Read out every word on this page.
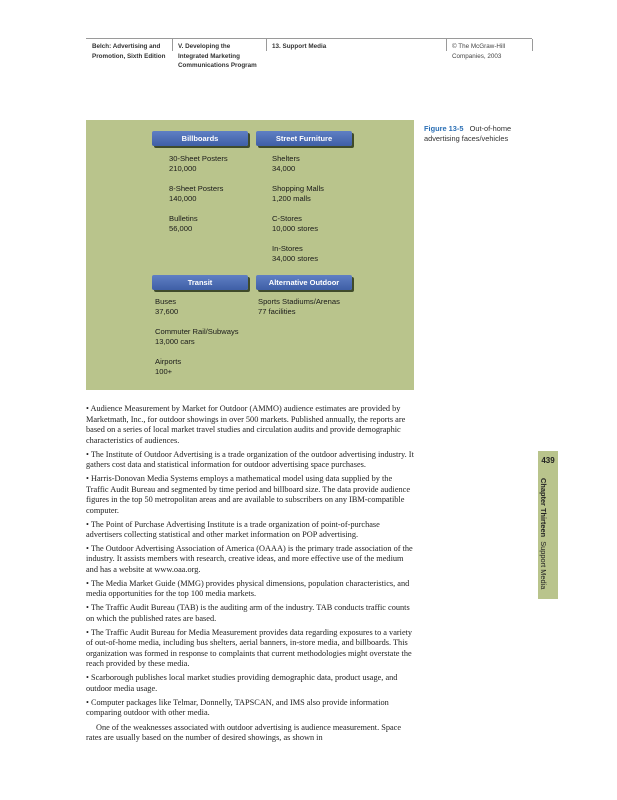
Belch: Advertising and
Promotion, Sixth Edition
V. Developing the
Integrated Marketing
Communications Program
13. Support Media	© The McGraw-Hill
Companies, 2003
Billboards	Street Furniture
30-Sheet Posters
210,000
8-Sheet Posters
140,000
Bulletins
56,000
Shelters
34,000
Shopping Malls
1,200 malls
C-Stores
10,000 stores
In-Stores
34,000 stores
Transit	Alternative Outdoor
Buses
37,600
Commuter Rail/Subways
13,000 cars
Airports
100+
Sports Stadiums/Arenas
77 facilities
Figure 13-5 Out-of-home advertising faces/vehicles
• Audience Measurement by Market for Outdoor (AMMO) audience estimates are provided by Marketmath, Inc., for outdoor showings in over 500 markets. Published annually, the reports are based on a series of local market travel studies and circulation audits and provide demographic characteristics of audiences.
• The Institute of Outdoor Advertising is a trade organization of the outdoor advertising industry. It gathers cost data and statistical information for outdoor advertising space purchases.
• Harris-Donovan Media Systems employs a mathematical model using data supplied by the Traffic Audit Bureau and segmented by time period and billboard size. The data provide audience figures in the top 50 metropolitan areas and are available to subscribers on any IBM-compatible computer.
• The Point of Purchase Advertising Institute is a trade organization of point-of-purchase advertisers collecting statistical and other market information on POP advertising.
• The Outdoor Advertising Association of America (OAAA) is the primary trade association of the industry. It assists members with research, creative ideas, and more effective use of the medium and has a website at www.oaa.org.
• The Media Market Guide (MMG) provides physical dimensions, population characteristics, and media opportunities for the top 100 media markets.
• The Traffic Audit Bureau (TAB) is the auditing arm of the industry. TAB conducts traffic counts on which the published rates are based.
• The Traffic Audit Bureau for Media Measurement provides data regarding exposures to a variety of out-of-home media, including bus shelters, aerial banners, in-store media, and billboards. This organization was formed in response to complaints that current methodologies might overstate the reach provided by these media.
• Scarborough publishes local market studies providing demographic data, product usage, and outdoor media usage.
• Computer packages like Telmar, Donnelly, TAPSCAN, and IMS also provide information comparing outdoor with other media.
One of the weaknesses associated with outdoor advertising is audience measurement. Space rates are usually based on the number of desired showings, as shown in
439
Chapter Thirteen  Support Media
